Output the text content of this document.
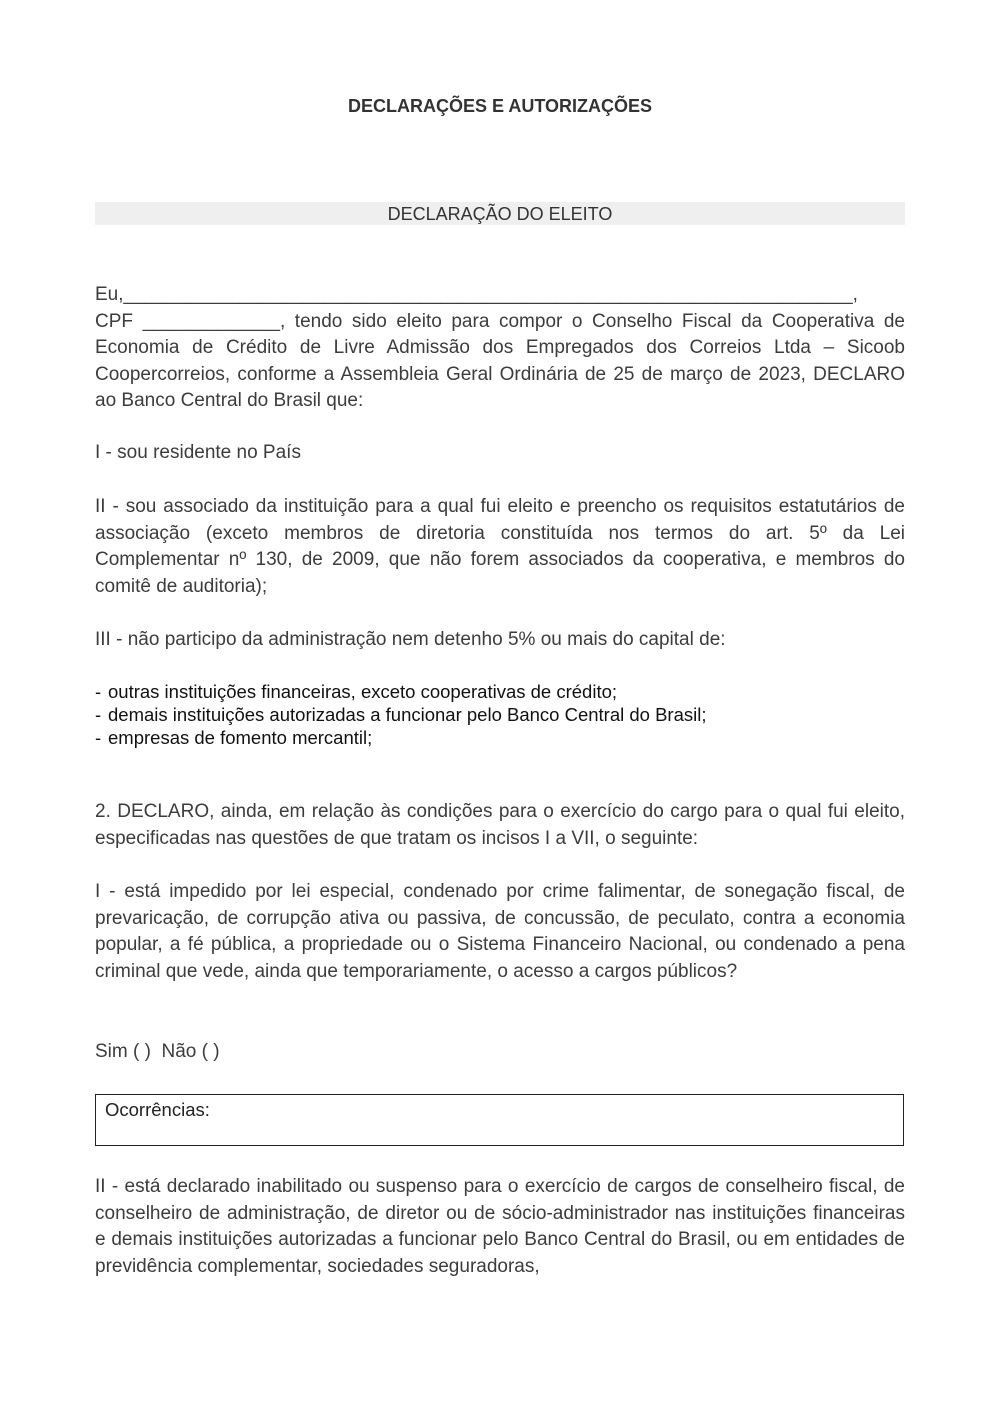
DECLARAÇÕES E AUTORIZAÇÕES
DECLARAÇÃO DO ELEITO
Eu,_____________________________________________________________________,
CPF _____________, tendo sido eleito para compor o Conselho Fiscal da Cooperativa de Economia de Crédito de Livre Admissão dos Empregados dos Correios Ltda – Sicoob Coopercorreios, conforme a Assembleia Geral Ordinária de 25 de março de 2023, DECLARO ao Banco Central do Brasil que:
I - sou residente no País
II - sou associado da instituição para a qual fui eleito e preencho os requisitos estatutários de associação (exceto membros de diretoria constituída nos termos do art. 5º da Lei Complementar nº 130, de 2009, que não forem associados da cooperativa, e membros do comitê de auditoria);
III - não participo da administração nem detenho 5% ou mais do capital de:
- outras instituições financeiras, exceto cooperativas de crédito;
- demais instituições autorizadas a funcionar pelo Banco Central do Brasil;
- empresas de fomento mercantil;
2. DECLARO, ainda, em relação às condições para o exercício do cargo para o qual fui eleito, especificadas nas questões de que tratam os incisos I a VII, o seguinte:
I - está impedido por lei especial, condenado por crime falimentar, de sonegação fiscal, de prevaricação, de corrupção ativa ou passiva, de concussão, de peculato, contra a economia popular, a fé pública, a propriedade ou o Sistema Financeiro Nacional, ou condenado a pena criminal que vede, ainda que temporariamente, o acesso a cargos públicos?
Sim ( )  Não ( )
Ocorrências:
II - está declarado inabilitado ou suspenso para o exercício de cargos de conselheiro fiscal, de conselheiro de administração, de diretor ou de sócio-administrador nas instituições financeiras e demais instituições autorizadas a funcionar pelo Banco Central do Brasil, ou em entidades de previdência complementar, sociedades seguradoras,
